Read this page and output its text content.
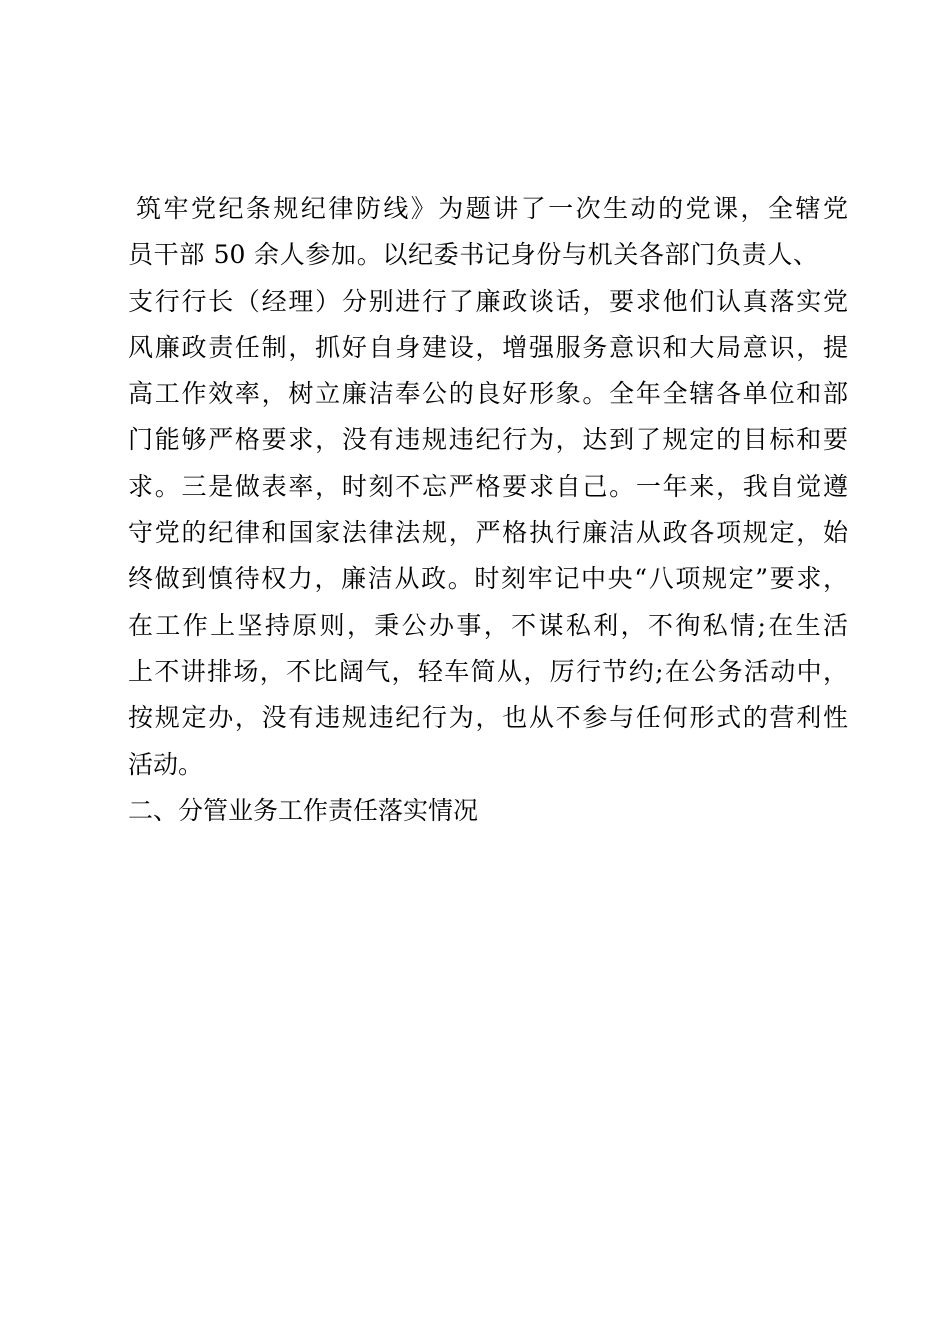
筑牢党纪条规纪律防线》为题讲了一次生动的党课，全辖党
员干部 50 余人参加。以纪委书记身份与机关各部门负责人、
支行行长（经理）分别进行了廉政谈话，要求他们认真落实党
风廉政责任制，抓好自身建设，增强服务意识和大局意识，提
高工作效率，树立廉洁奉公的良好形象。全年全辖各单位和部
门能够严格要求，没有违规违纪行为，达到了规定的目标和要
求。三是做表率，时刻不忘严格要求自己。一年来，我自觉遵
守党的纪律和国家法律法规，严格执行廉洁从政各项规定，始
终做到慎待权力，廉洁从政。时刻牢记中央“八项规定”要求，
在工作上坚持原则，秉公办事，不谋私利，不徇私情;在生活
上不讲排场，不比阔气，轻车简从，厉行节约;在公务活动中，
按规定办，没有违规违纪行为，也从不参与任何形式的营利性
活动。
二、分管业务工作责任落实情况
